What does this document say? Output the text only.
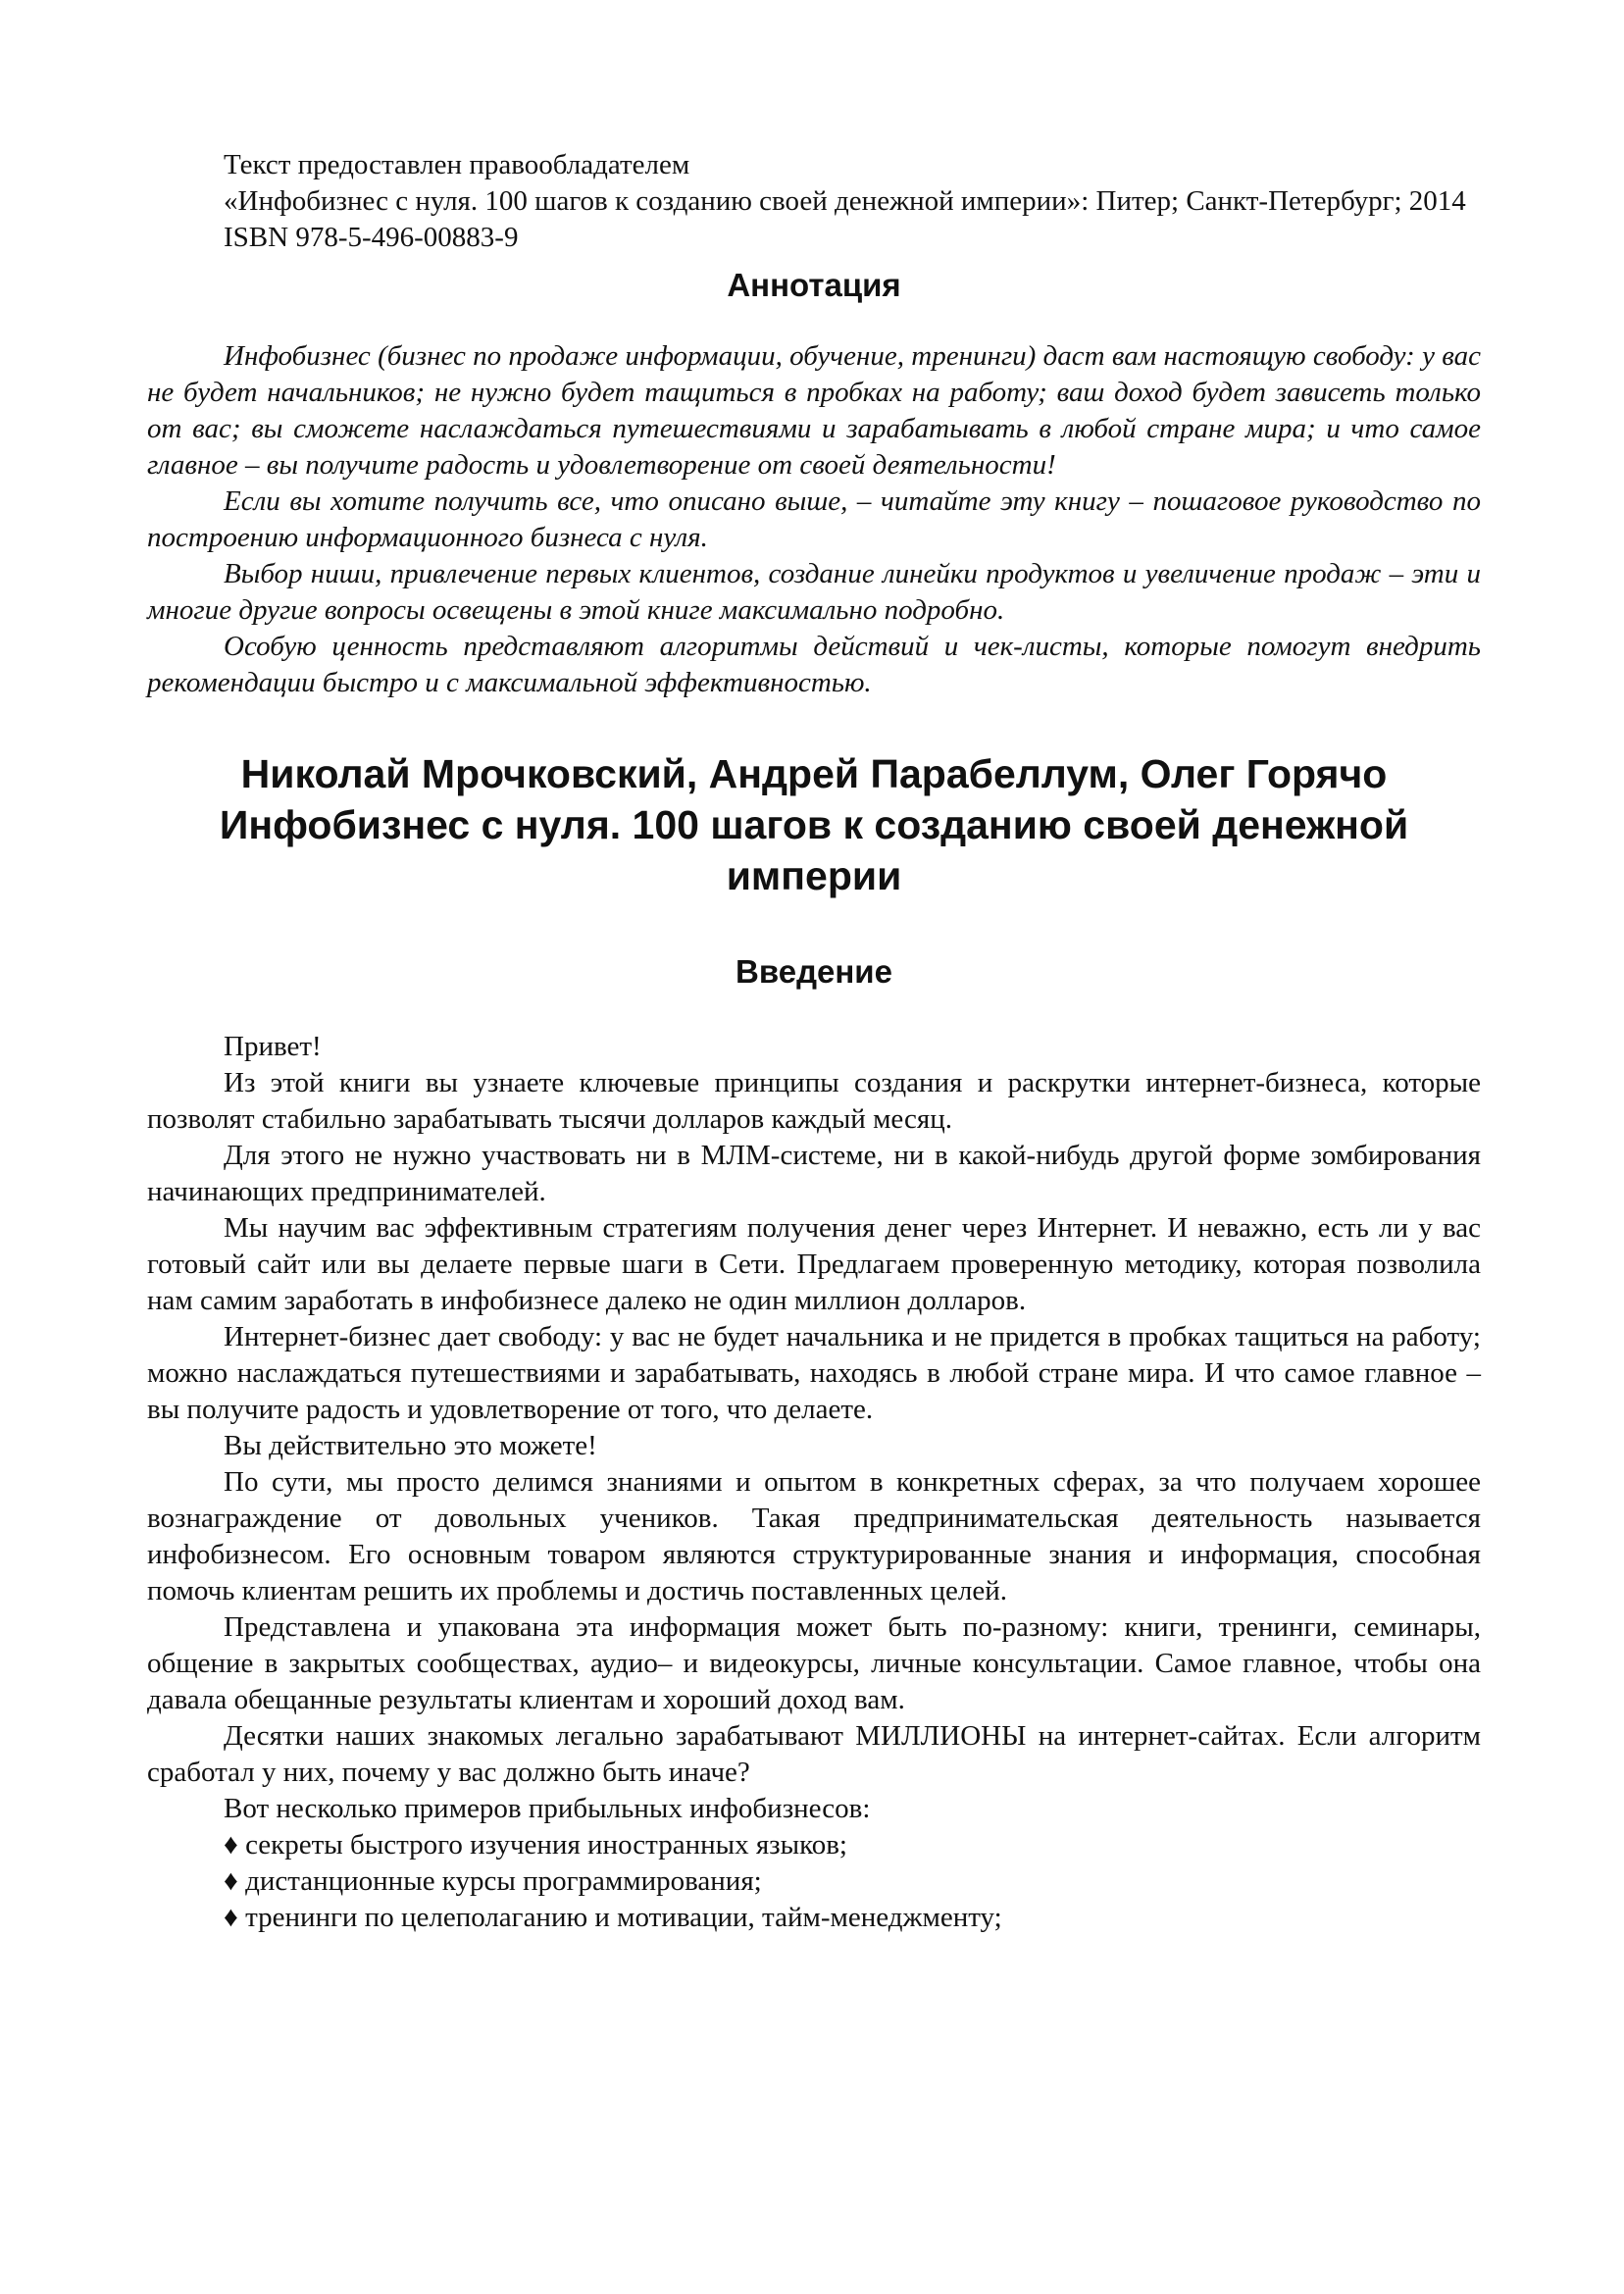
Текст предоставлен правообладателем

«Инфобизнес с нуля. 100 шагов к созданию своей денежной империи»: Питер; Санкт-Петербург; 2014

ISBN 978-5-496-00883-9

Аннотация

Инфобизнес (бизнес по продаже информации, обучение, тренинги) даст вам настоящую свободу: у вас не будет начальников; не нужно будет тащиться в пробках на работу; ваш доход будет зависеть только от вас; вы сможете наслаждаться путешествиями и зарабатывать в любой стране мира; и что самое главное – вы получите радость и удовлетворение от своей деятельности!

Если вы хотите получить все, что описано выше, – читайте эту книгу – пошаговое руководство по построению информационного бизнеса с нуля.

Выбор ниши, привлечение первых клиентов, создание линейки продуктов и увеличение продаж – эти и многие другие вопросы освещены в этой книге максимально подробно.

Особую ценность представляют алгоритмы действий и чек-листы, которые помогут внедрить рекомендации быстро и с максимальной эффективностью.

Николай Мрочковский, Андрей Парабеллум, Олег Горячо
Инфобизнес с нуля. 100 шагов к созданию своей денежной империи
Введение

Привет!

Из этой книги вы узнаете ключевые принципы создания и раскрутки интернет-бизнеса, которые позволят стабильно зарабатывать тысячи долларов каждый месяц.

Для этого не нужно участвовать ни в МЛМ-системе, ни в какой-нибудь другой форме зомбирования начинающих предпринимателей.

Мы научим вас эффективным стратегиям получения денег через Интернет. И неважно, есть ли у вас готовый сайт или вы делаете первые шаги в Сети. Предлагаем проверенную методику, которая позволила нам самим заработать в инфобизнесе далеко не один миллион долларов.

Интернет-бизнес дает свободу: у вас не будет начальника и не придется в пробках тащиться на работу; можно наслаждаться путешествиями и зарабатывать, находясь в любой стране мира. И что самое главное – вы получите радость и удовлетворение от того, что делаете.

Вы действительно это можете!

По сути, мы просто делимся знаниями и опытом в конкретных сферах, за что получаем хорошее вознаграждение от довольных учеников. Такая предпринимательская деятельность называется инфобизнесом. Его основным товаром являются структурированные знания и информация, способная помочь клиентам решить их проблемы и достичь поставленных целей.

Представлена и упакована эта информация может быть по-разному: книги, тренинги, семинары, общение в закрытых сообществах, аудио– и видеокурсы, личные консультации. Самое главное, чтобы она давала обещанные результаты клиентам и хороший доход вам.

Десятки наших знакомых легально зарабатывают МИЛЛИОНЫ на интернет-сайтах. Если алгоритм сработал у них, почему у вас должно быть иначе?

Вот несколько примеров прибыльных инфобизнесов:

♦ секреты быстрого изучения иностранных языков;

♦ дистанционные курсы программирования;

♦ тренинги по целеполаганию и мотивации, тайм-менеджменту;
